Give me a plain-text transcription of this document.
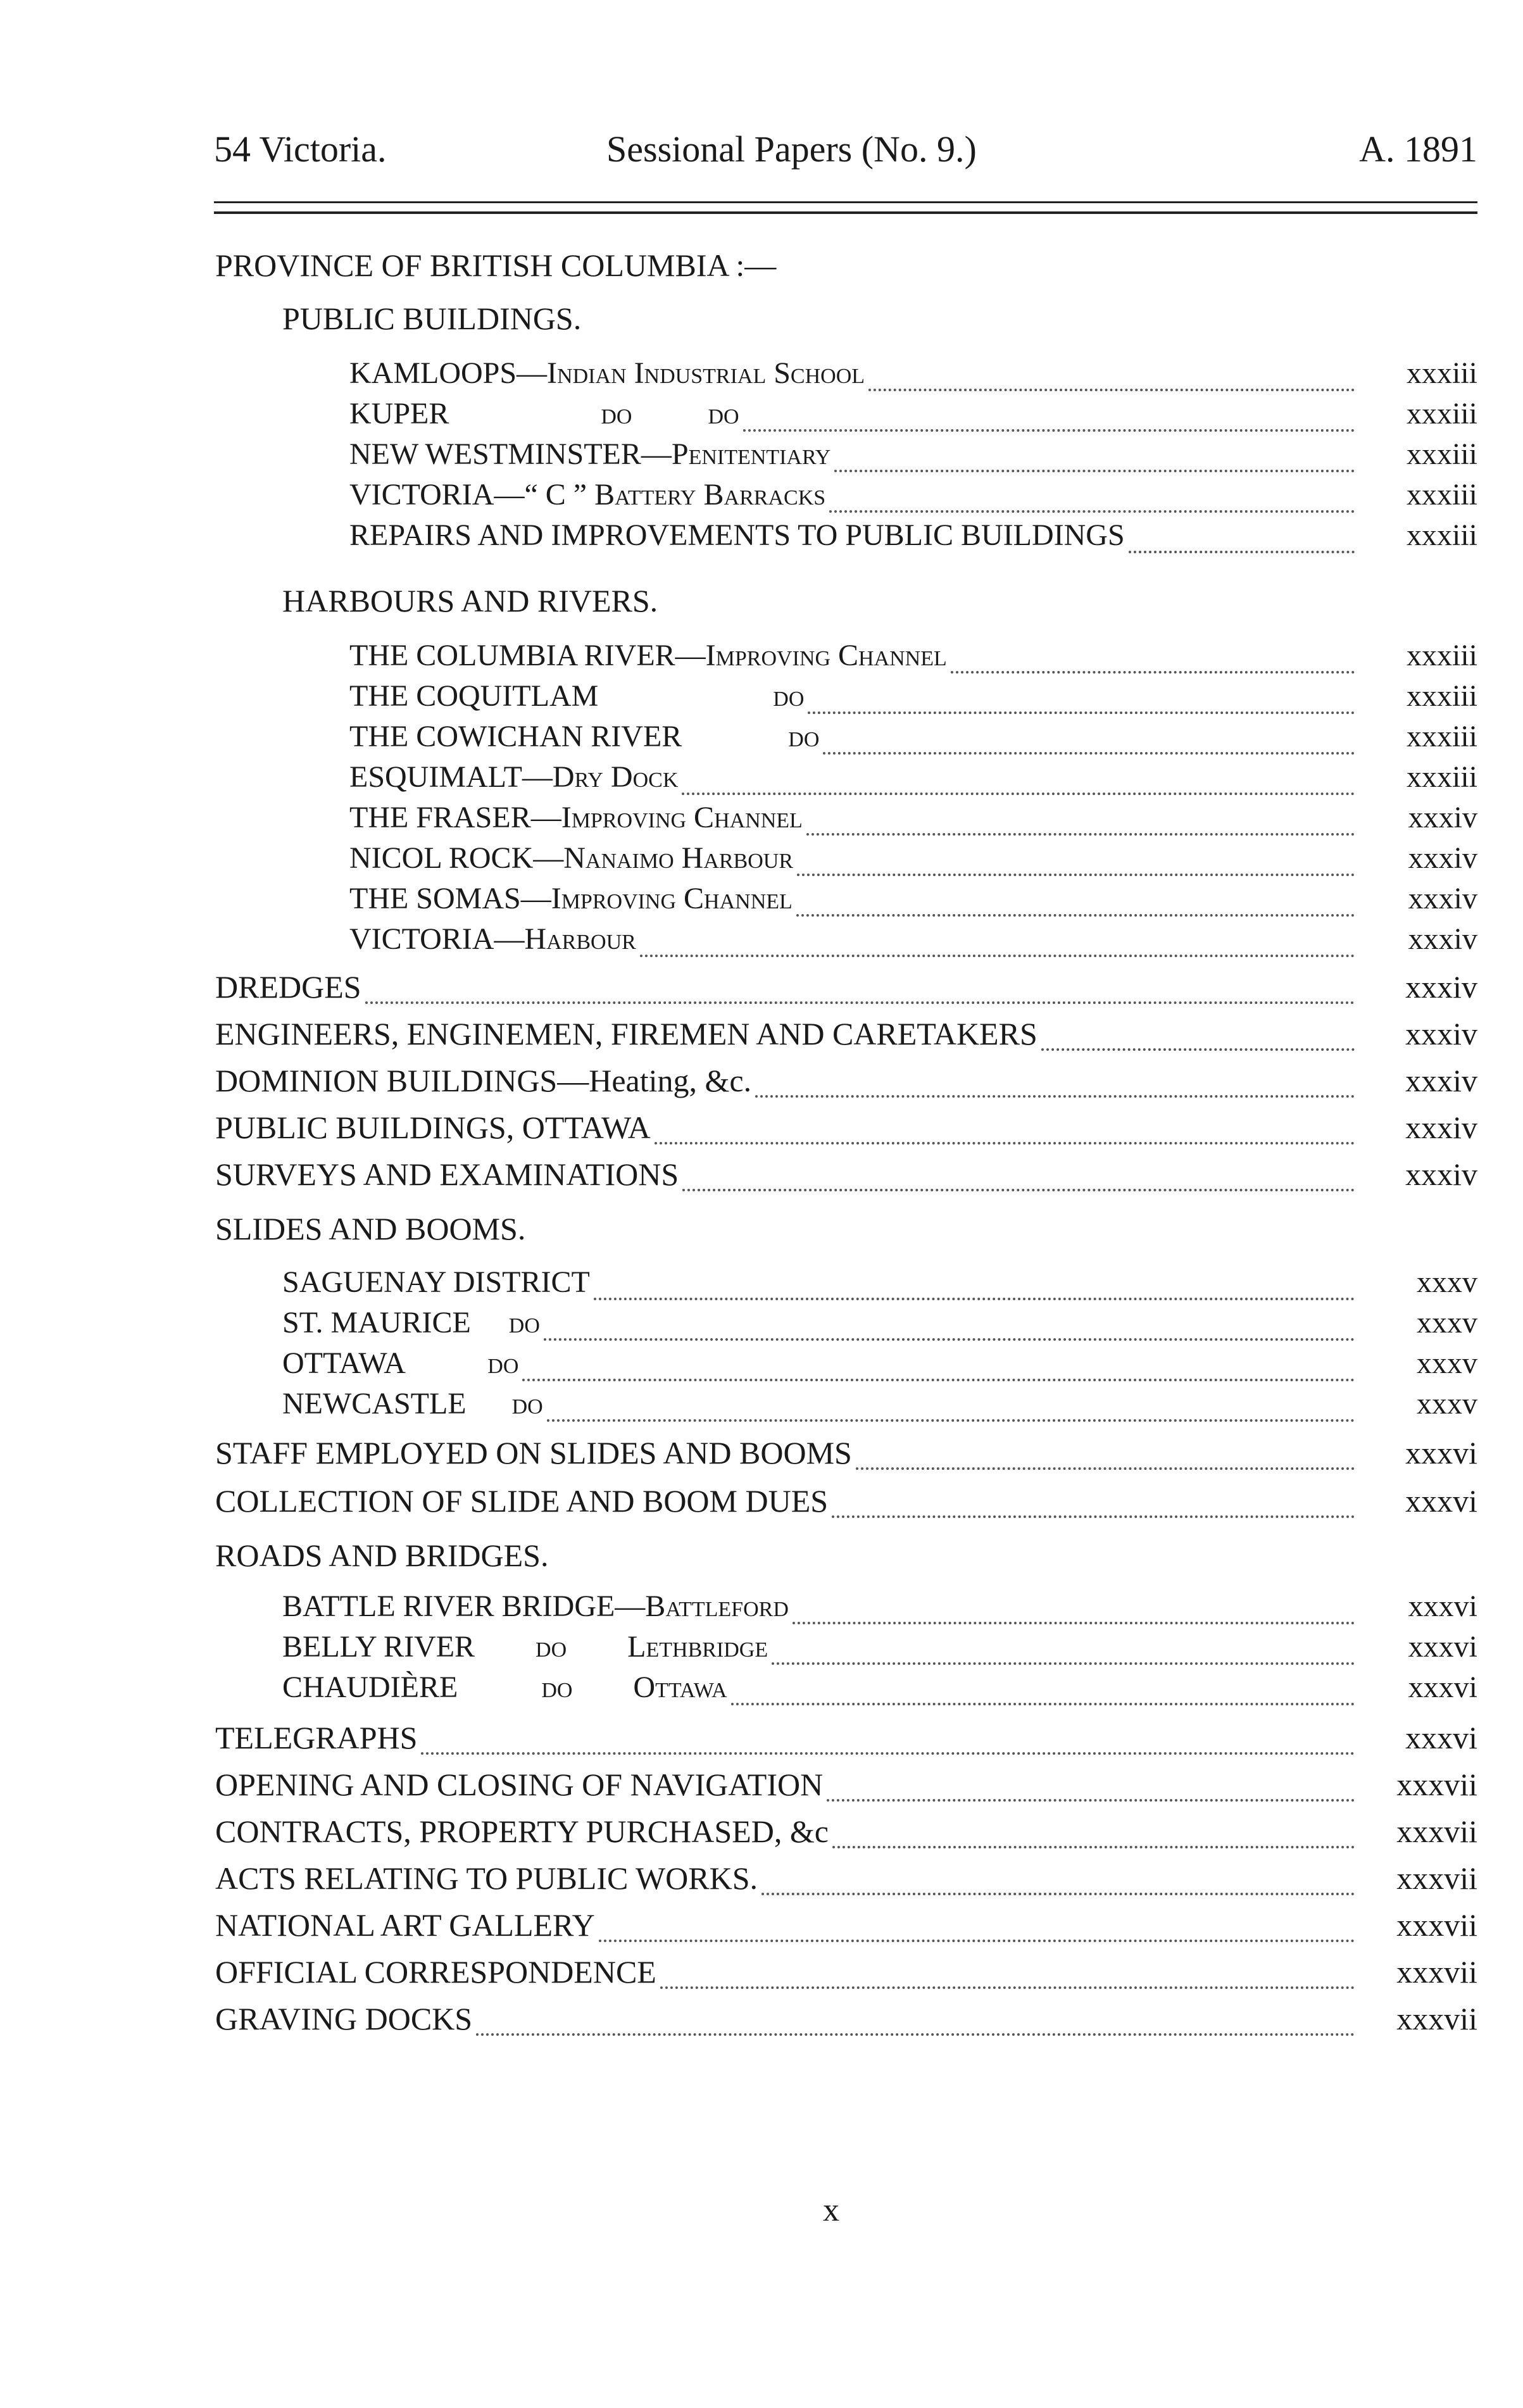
54 Victoria.	Sessional Papers (No. 9.)	A. 1891
PROVINCE OF BRITISH COLUMBIA :—
PUBLIC BUILDINGS.
KAMLOOPS—Indian Industrial School	xxxiii
KUPER                    do          do	xxxiii
NEW WESTMINSTER—Penitentiary	xxxiii
VICTORIA—“ C ” Battery Barracks	xxxiii
REPAIRS AND IMPROVEMENTS TO PUBLIC BUILDINGS	xxxiii
HARBOURS AND RIVERS.
THE COLUMBIA RIVER—Improving Channel	xxxiii
THE COQUITLAM                       do	xxxiii
THE COWICHAN RIVER              do	xxxiii
ESQUIMALT—Dry Dock	xxxiii
THE FRASER—Improving Channel	xxxiv
NICOL ROCK—Nanaimo Harbour	xxxiv
THE SOMAS—Improving Channel	xxxiv
VICTORIA—Harbour	xxxiv
DREDGES	xxxiv
ENGINEERS, ENGINEMEN, FIREMEN AND CARETAKERS	xxxiv
DOMINION BUILDINGS—Heating, &c.	xxxiv
PUBLIC BUILDINGS, OTTAWA	xxxiv
SURVEYS AND EXAMINATIONS	xxxiv
SLIDES AND BOOMS.
SAGUENAY DISTRICT	xxxv
ST. MAURICE     do	xxxv
OTTAWA           do	xxxv
NEWCASTLE      do	xxxv
STAFF EMPLOYED ON SLIDES AND BOOMS	xxxvi
COLLECTION OF SLIDE AND BOOM DUES	xxxvi
ROADS AND BRIDGES.
BATTLE RIVER BRIDGE—Battleford	xxxvi
BELLY RIVER        do        Lethbridge	xxxvi
CHAUDIÈRE           do        Ottawa	xxxvi
TELEGRAPHS	xxxvi
OPENING AND CLOSING OF NAVIGATION	xxxvii
CONTRACTS, PROPERTY PURCHASED, &c	xxxvii
ACTS RELATING TO PUBLIC WORKS.	xxxvii
NATIONAL ART GALLERY	xxxvii
OFFICIAL CORRESPONDENCE	xxxvii
GRAVING DOCKS	xxxvii
x
